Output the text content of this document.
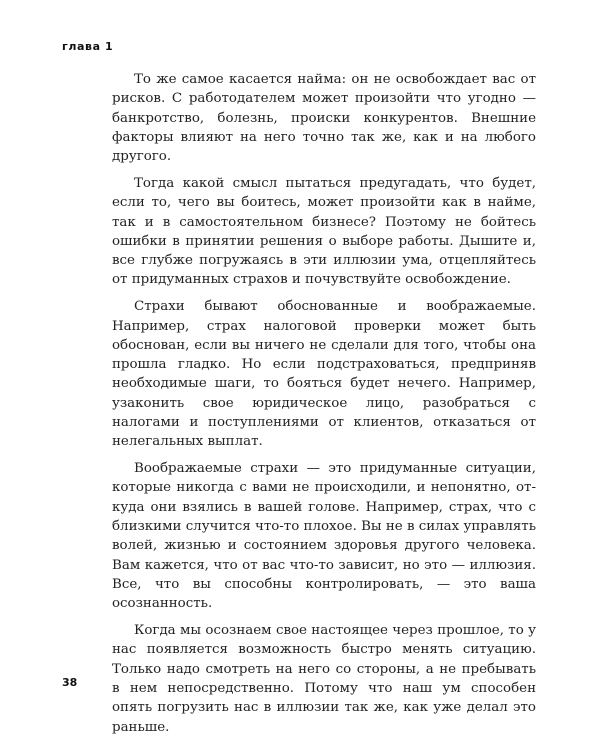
глава 1

То же самое касается найма: он не освобождает вас от рисков. С работодателем может произойти что угодно — банкротство, болезнь, происки конкурентов. Внешние факторы влияют на него точно так же, как и на любого другого.

Тогда какой смысл пытаться предугадать, что будет, если то, чего вы боитесь, может произойти как в найме, так и в самостоятельном бизнесе? Поэтому не бойтесь ошибки в принятии решения о выборе работы. Дышите и, все глубже погружаясь в эти иллюзии ума, отцепляйтесь от придуманных страхов и почувствуйте освобождение.

Страхи бывают обоснованные и воображаемые. Например, страх налоговой проверки может быть обоснован, если вы ничего не сделали для того, чтобы она прошла гладко. Но если подстраховаться, предприняв необходимые шаги, то бояться будет нечего. Например, узаконить свое юридическое лицо, разобраться с налогами и поступлениями от клиентов, отказаться от нелегальных выплат.

Воображаемые страхи — это придуманные ситуации, которые никогда с вами не происходили, и непонятно, откуда они взялись в вашей голове. Например, страх, что с близкими случится что-то плохое. Вы не в силах управлять волей, жизнью и состоянием здоровья другого человека. Вам кажется, что от вас что-то зависит, но это — иллюзия. Все, что вы способны контролировать, — это ваша осознанность.

Когда мы осознаем свое настоящее через прошлое, то у нас появляется возможность быстро менять ситуацию. Только надо смотреть на него со стороны, а не пребывать в нем непосредственно. Потому что наш ум способен опять погрузить нас в иллюзии так же, как уже делал это раньше.

38
